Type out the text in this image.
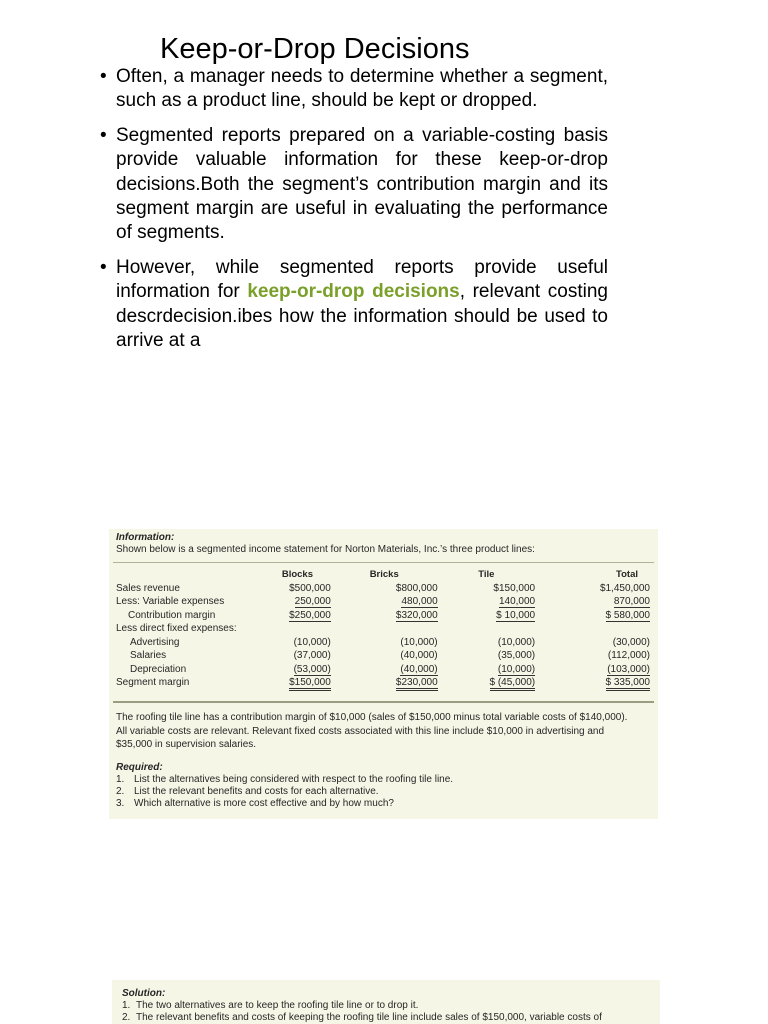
Keep-or-Drop Decisions
• Often, a manager needs to determine whether a segment, such as a product line, should be kept or dropped.
• Segmented reports prepared on a variable-costing basis provide valuable information for these keep-or-drop decisions.Both the segment’s contribution margin and its segment margin are useful in evaluating the performance of segments.
• However, while segmented reports provide useful information for keep-or-drop decisions, relevant costing descrdecision.ibes how the information should be used to arrive at a
Information:
Shown below is a segmented income statement for Norton Materials, Inc.’s three product lines:
	Blocks	Bricks	Tile	Total
Sales revenue	$500,000	$800,000	$150,000	$1,450,000
Less: Variable expenses	250,000	480,000	140,000	870,000
Contribution margin	$250,000	$320,000	$ 10,000	$ 580,000
Less direct fixed expenses:				
Advertising	(10,000)	(10,000)	(10,000)	(30,000)
Salaries	(37,000)	(40,000)	(35,000)	(112,000)
Depreciation	(53,000)	(40,000)	(10,000)	(103,000)
Segment margin	$150,000	$230,000	$ (45,000)	$ 335,000
The roofing tile line has a contribution margin of $10,000 (sales of $150,000 minus total variable costs of $140,000). All variable costs are relevant. Relevant fixed costs associated with this line include $10,000 in advertising and $35,000 in supervision salaries.
Required:
1. List the alternatives being considered with respect to the roofing tile line.
2. List the relevant benefits and costs for each alternative.
3. Which alternative is more cost effective and by how much?
Solution:
1. The two alternatives are to keep the roofing tile line or to drop it.
2. The relevant benefits and costs of keeping the roofing tile line include sales of $150,000, variable costs of
